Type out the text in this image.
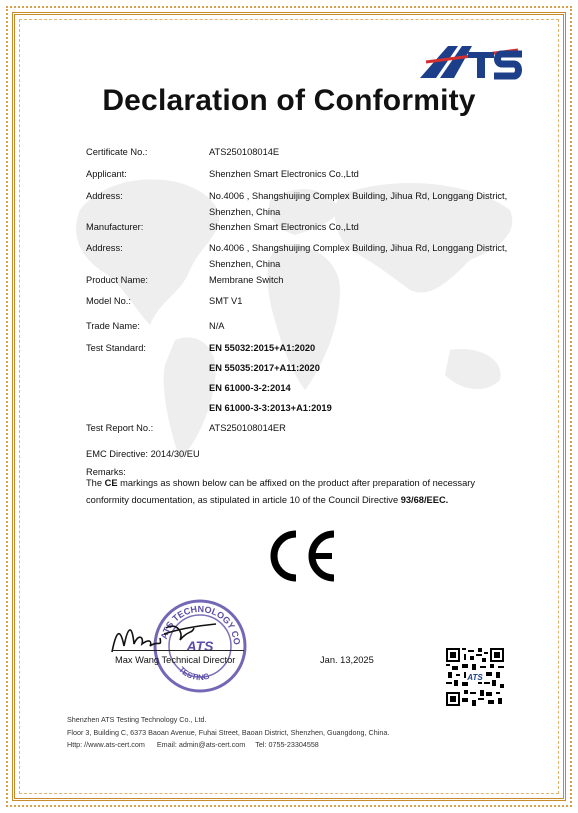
Declaration of Conformity
Certificate No.:	ATS250108014E
Applicant:	Shenzhen Smart Electronics Co.,Ltd
Address:	No.4006 , Shangshuijing Complex Building, Jihua Rd, Longgang District,
Shenzhen, China
Manufacturer:	Shenzhen Smart Electronics Co.,Ltd
Address:	No.4006 , Shangshuijing Complex Building, Jihua Rd, Longgang District,
Shenzhen, China
Product Name:	Membrane Switch
Model No.:	SMT V1
Trade Name:	N/A
Test Standard:	EN 55032:2015+A1:2020
EN 55035:2017+A11:2020
EN 61000-3-2:2014
EN 61000-3-3:2013+A1:2019
Test Report No.:	ATS250108014ER
EMC Directive: 2014/30/EU
Remarks:
The CE markings as shown below can be affixed on the product after preparation of necessary
conformity documentation, as stipulated in article 10 of the Council Directive 93/68/EEC.
ATS TECHNOLOGY CO
TESTING
ATS
Max Wang Technical Director	Jan. 13,2025
ATS
Shenzhen ATS Testing Technology Co., Ltd.
Floor 3, Building C, 6373 Baoan Avenue, Fuhai Street, Baoan District, Shenzhen, Guangdong, China.
Http: //www.ats-cert.com Email: admin@ats-cert.com Tel: 0755-23304558
